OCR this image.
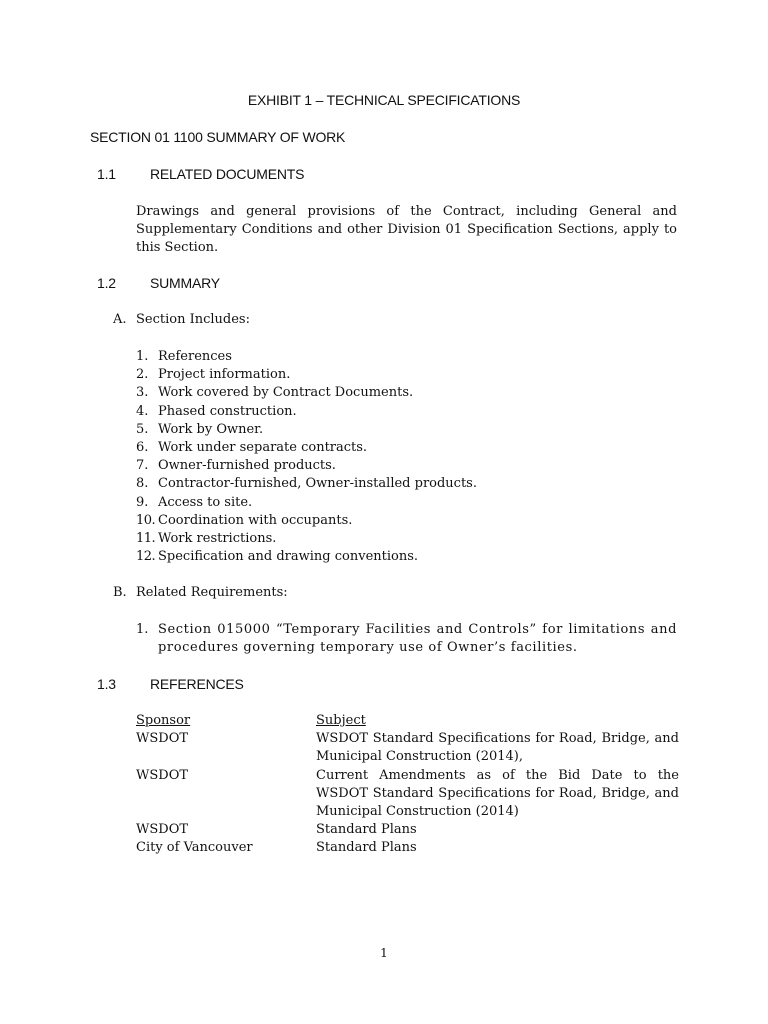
EXHIBIT 1 – TECHNICAL SPECIFICATIONS
SECTION 01 1100 SUMMARY OF WORK
1.1 RELATED DOCUMENTS
Drawings and general provisions of the Contract, including General and Supplementary Conditions and other Division 01 Specification Sections, apply to this Section.
1.2 SUMMARY
A. Section Includes:
1. References
2. Project information.
3. Work covered by Contract Documents.
4. Phased construction.
5. Work by Owner.
6. Work under separate contracts.
7. Owner-furnished products.
8. Contractor-furnished, Owner-installed products.
9. Access to site.
10. Coordination with occupants.
11. Work restrictions.
12. Specification and drawing conventions.
B. Related Requirements:
1. Section 015000 “Temporary Facilities and Controls” for limitations and procedures governing temporary use of Owner’s facilities.
1.3 REFERENCES
Sponsor	Subject
WSDOT	WSDOT Standard Specifications for Road, Bridge, and Municipal Construction (2014),
WSDOT	Current Amendments as of the Bid Date to the WSDOT Standard Specifications for Road, Bridge, and Municipal Construction (2014)
WSDOT	Standard Plans
City of Vancouver	Standard Plans
1
